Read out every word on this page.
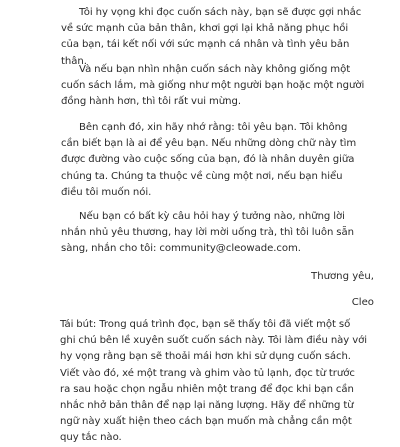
Tôi hy vọng khi đọc cuốn sách này, bạn sẽ được gợi nhắc về sức mạnh của bản thân, khơi gợi lại khả năng phục hồi của bạn, tái kết nối với sức mạnh cá nhân và tình yêu bản thân.

Và nếu bạn nhìn nhận cuốn sách này không giống một cuốn sách lắm, mà giống như một người bạn hoặc một người đồng hành hơn, thì tôi rất vui mừng.

Bên cạnh đó, xin hãy nhớ rằng: tôi yêu bạn. Tôi không cần biết bạn là ai để yêu bạn. Nếu những dòng chữ này tìm được đường vào cuộc sống của bạn, đó là nhân duyên giữa chúng ta. Chúng ta thuộc về cùng một nơi, nếu bạn hiểu điều tôi muốn nói.

Nếu bạn có bất kỳ câu hỏi hay ý tưởng nào, những lời nhắn nhủ yêu thương, hay lời mời uống trà, thì tôi luôn sẵn sàng, nhắn cho tôi: community@cleowade.com.

Thương yêu,

Cleo

Tái bút: Trong quá trình đọc, bạn sẽ thấy tôi đã viết một số ghi chú bên lề xuyên suốt cuốn sách này. Tôi làm điều này với hy vọng rằng bạn sẽ thoải mái hơn khi sử dụng cuốn sách. Viết vào đó, xé một trang và ghim vào tủ lạnh, đọc từ trước ra sau hoặc chọn ngẫu nhiên một trang để đọc khi bạn cần nhắc nhở bản thân để nạp lại năng lượng. Hãy để những từ ngữ này xuất hiện theo cách bạn muốn mà chẳng cần một quy tắc nào.
